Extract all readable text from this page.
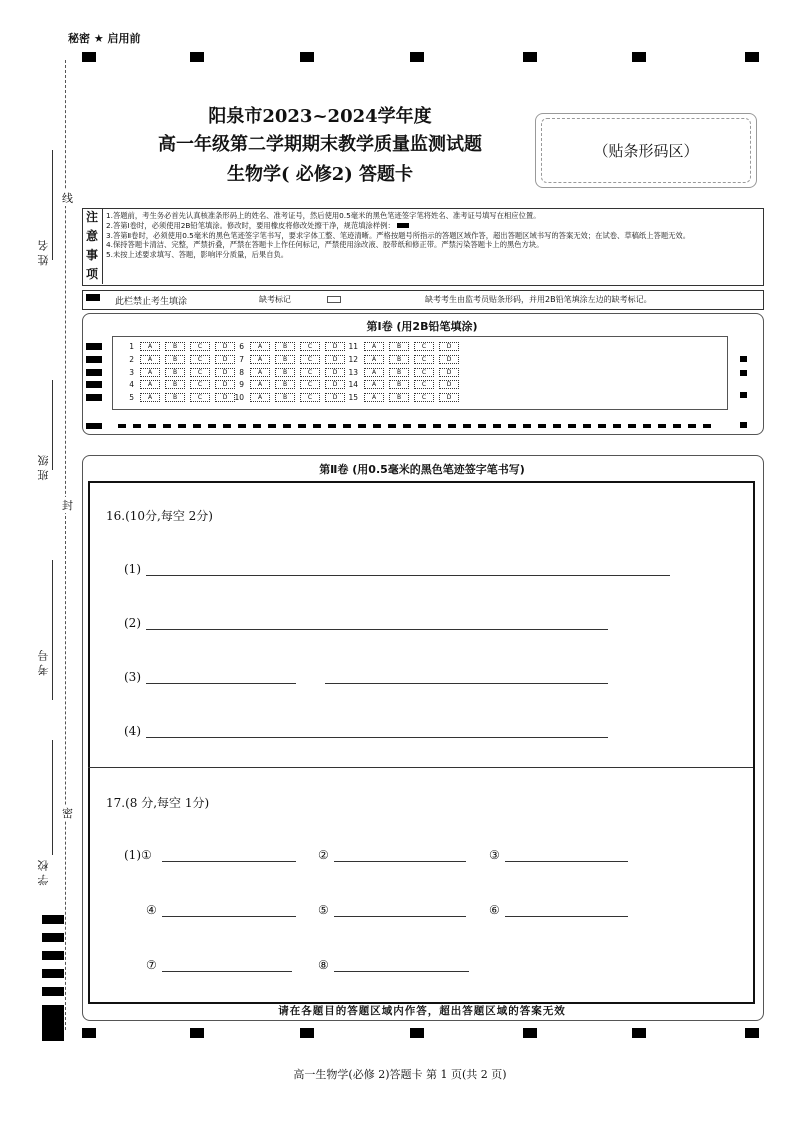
秘密 ★ 启用前
线
封
密
姓 名
班 级
考 号
学 校
阳泉市2023~2024学年度
高一年级第二学期期末教学质量监测试题
生物学( 必修2) 答题卡
（贴条形码区）
注
意
事
项
1.答题前，考生务必首先认真核准条形码上的姓名、准考证号，然后使用0.5毫米的黑色笔迹签字笔将姓名、准考证号填写在相应位置。
2.答第Ⅰ卷时，必须使用2B铅笔填涂。修改时，要用橡皮将修改处擦干净，规范填涂样例：
3.答第Ⅱ卷时，必须使用0.5毫米的黑色笔迹签字笔书写，要求字体工整、笔迹清晰。严格按题号所指示的答题区域作答，超出答题区域书写的答案无效；在试卷、草稿纸上答题无效。
4.保持答题卡清洁、完整，严禁折叠，严禁在答题卡上作任何标记，严禁使用涂改液、胶带纸和修正带。严禁污染答题卡上的黑色方块。
5.未按上述要求填写、答题，影响评分质量，后果自负。
此栏禁止考生填涂	缺考标记	缺考考生由监考员贴条形码，并用2B铅笔填涂左边的缺考标记。
第Ⅰ卷 (用2B铅笔填涂)
1	A	B	C	D
2	A	B	C	D
3	A	B	C	D
4	A	B	C	D
5	A	B	C	D
6	A	B	C	D
7	A	B	C	D
8	A	B	C	D
9	A	B	C	D
10	A	B	C	D
11	A	B	C	D
12	A	B	C	D
13	A	B	C	D
14	A	B	C	D
15	A	B	C	D
第Ⅱ卷 (用0.5毫米的黑色笔迹签字笔书写)
16.(10分,每空 2分)
(1)
(2)
(3)
(4)
17.(8 分,每空 1分)
(1)①	②	③
④	⑤	⑥
⑦	⑧
请在各题目的答题区域内作答，超出答题区域的答案无效
高一生物学(必修 2)答题卡 第 1 页(共 2 页)
